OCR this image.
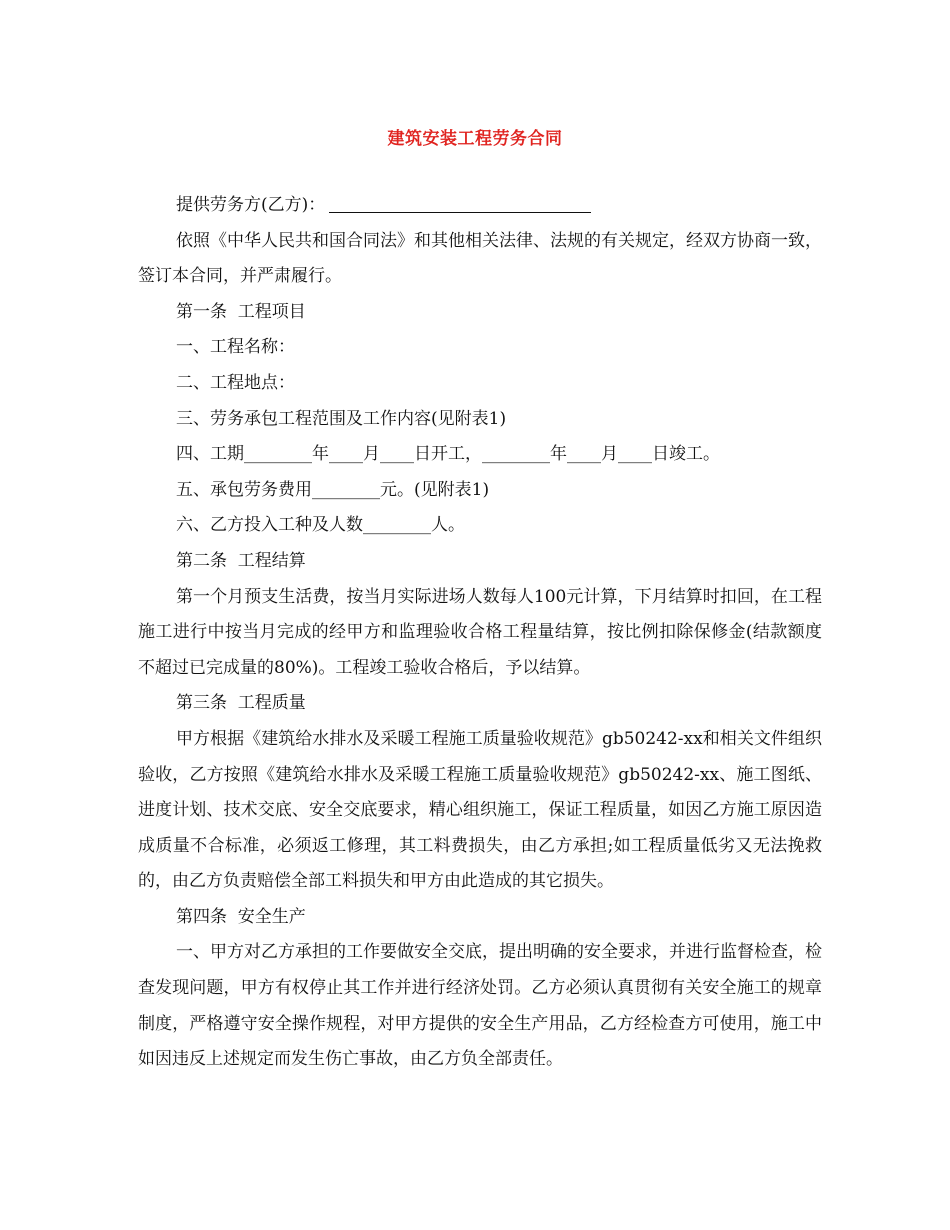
建筑安装工程劳务合同

提供劳务方(乙方)：

依照《中华人民共和国合同法》和其他相关法律、法规的有关规定，经双方协商一致，签订本合同，并严肃履行。

第一条  工程项目

一、工程名称：

二、工程地点：

三、劳务承包工程范围及工作内容(见附表1)

四、工期________年____月____日开工，________年____月____日竣工。

五、承包劳务费用________元。(见附表1)

六、乙方投入工种及人数________人。

第二条  工程结算

第一个月预支生活费，按当月实际进场人数每人100元计算，下月结算时扣回，在工程施工进行中按当月完成的经甲方和监理验收合格工程量结算，按比例扣除保修金(结款额度不超过已完成量的80%)。工程竣工验收合格后，予以结算。

第三条  工程质量

甲方根据《建筑给水排水及采暖工程施工质量验收规范》gb50242-xx和相关文件组织验收，乙方按照《建筑给水排水及采暖工程施工质量验收规范》gb50242-xx、施工图纸、进度计划、技术交底、安全交底要求，精心组织施工，保证工程质量，如因乙方施工原因造成质量不合标准，必须返工修理，其工料费损失，由乙方承担;如工程质量低劣又无法挽救的，由乙方负责赔偿全部工料损失和甲方由此造成的其它损失。

第四条  安全生产

一、甲方对乙方承担的工作要做安全交底，提出明确的安全要求，并进行监督检查，检查发现问题，甲方有权停止其工作并进行经济处罚。乙方必须认真贯彻有关安全施工的规章制度，严格遵守安全操作规程，对甲方提供的安全生产用品，乙方经检查方可使用，施工中如因违反上述规定而发生伤亡事故，由乙方负全部责任。
